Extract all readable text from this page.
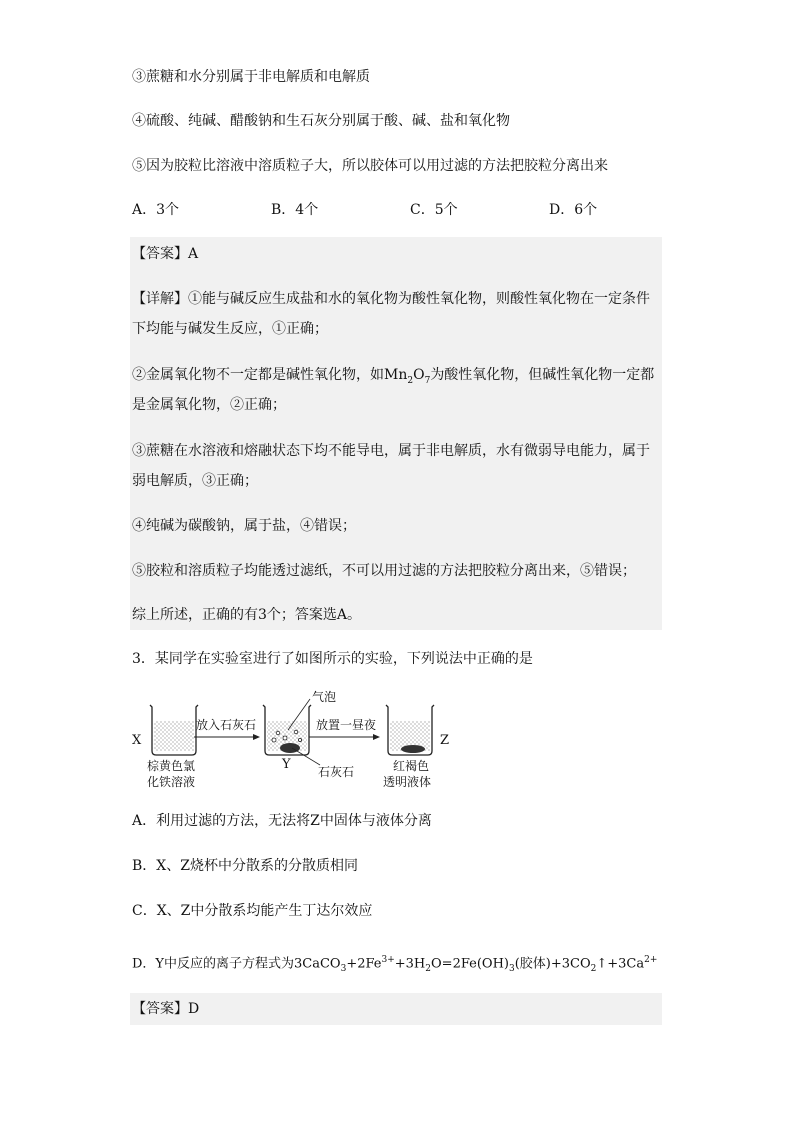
③蔗糖和水分别属于非电解质和电解质
④硫酸、纯碱、醋酸钠和生石灰分别属于酸、碱、盐和氧化物
⑤因为胶粒比溶液中溶质粒子大，所以胶体可以用过滤的方法把胶粒分离出来
A．3个	B．4个	C．5个	D．6个
【答案】A
【详解】①能与碱反应生成盐和水的氧化物为酸性氧化物，则酸性氧化物在一定条件
下均能与碱发生反应，①正确；
②金属氧化物不一定都是碱性氧化物，如$Mn_2O_7$为酸性氧化物，但碱性氧化物一定都
是金属氧化物，②正确；
③蔗糖在水溶液和熔融状态下均不能导电，属于非电解质，水有微弱导电能力，属于
弱电解质，③正确；
④纯碱为碳酸钠，属于盐，④错误；
⑤胶粒和溶质粒子均能透过滤纸，不可以用过滤的方法把胶粒分离出来，⑤错误；
综上所述，正确的有3个；答案选A。
3．某同学在实验室进行了如图所示的实验，下列说法中正确的是
X
棕黄色氯
化铁溶液
放入石灰石
气泡
石灰石
Y
放置一昼夜
Z
红褐色
透明液体
A．利用过滤的方法，无法将Z中固体与液体分离
B．X、Z烧杯中分散系的分散质相同
C．X、Z中分散系均能产生丁达尔效应
D．Y中反应的离子方程式为$3CaCO_3+2Fe^{3+}+3H_2O=2Fe(OH)_3$(胶体)$+3CO_2↑+3Ca^{2+}$
【答案】D
